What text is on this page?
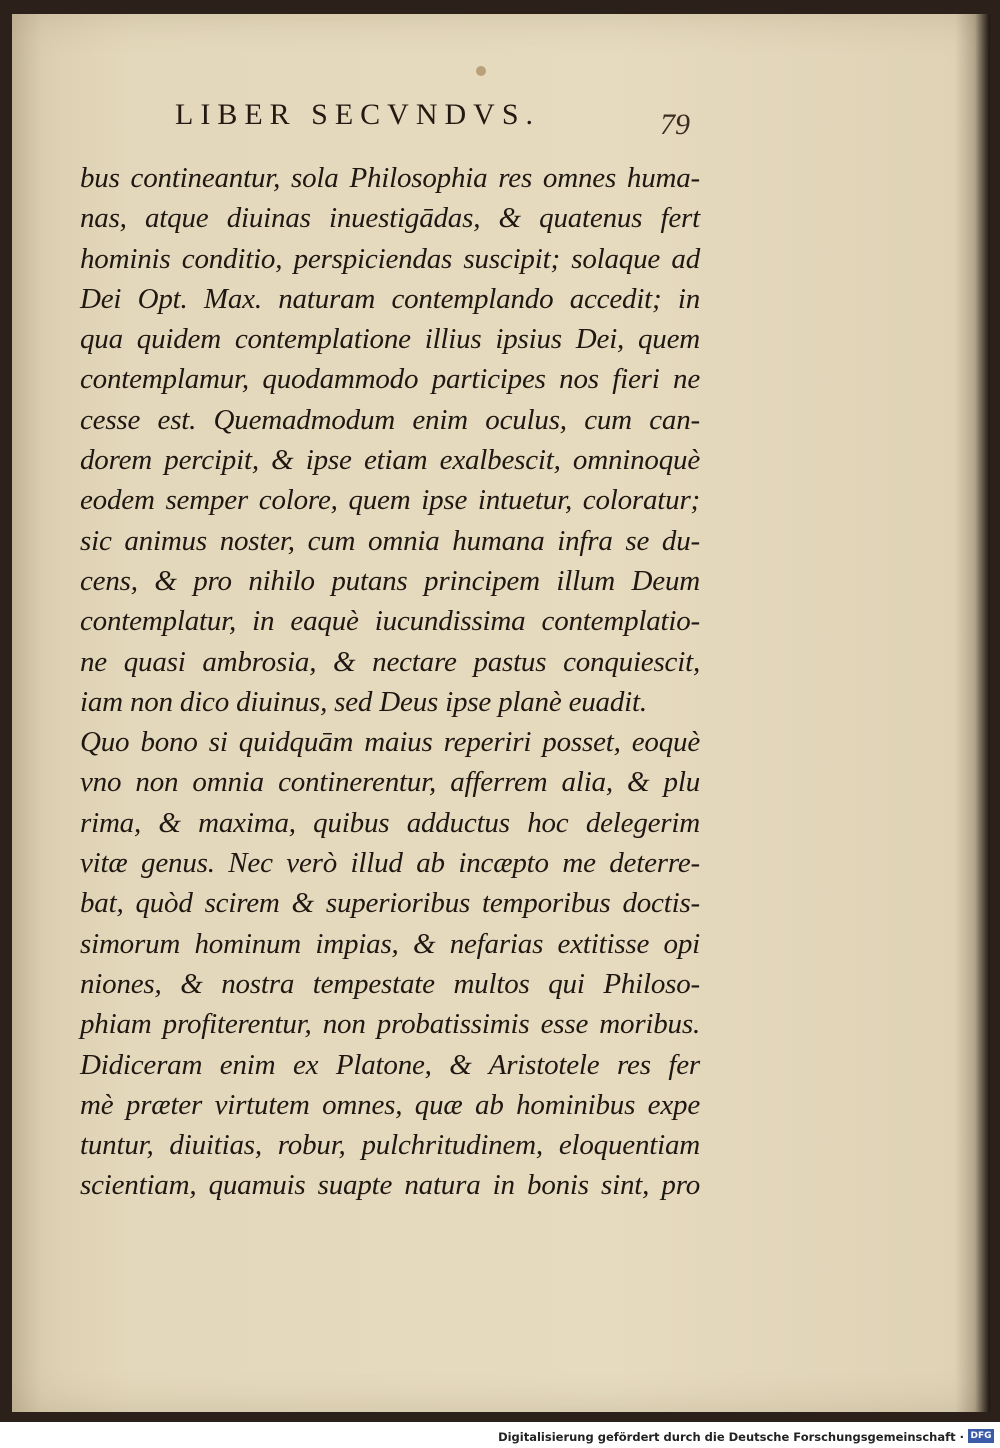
LIBER SECVNDVS.	79
bus contineantur, sola Philosophia res omnes huma-
nas, atque diuinas inuestigādas, & quatenus fert
hominis conditio, perspiciendas suscipit; solaque ad
Dei Opt. Max. naturam contemplando accedit; in
qua quidem contemplatione illius ipsius Dei, quem
contemplamur, quodammodo participes nos fieri ne
cesse est. Quemadmodum enim oculus, cum can-
dorem percipit, & ipse etiam exalbescit, omninoquè
eodem semper colore, quem ipse intuetur, coloratur;
sic animus noster, cum omnia humana infra se du-
cens, & pro nihilo putans principem illum Deum
contemplatur, in eaquè iucundissima contemplatio-
ne quasi ambrosia, & nectare pastus conquiescit,
iam non dico diuinus, sed Deus ipse planè euadit.
Quo bono si quidquām maius reperiri posset, eoquè
vno non omnia continerentur, afferrem alia, & plu
rima, & maxima, quibus adductus hoc delegerim
vitæ genus. Nec verò illud ab incæpto me deterre-
bat, quòd scirem & superioribus temporibus doctis-
simorum hominum impias, & nefarias extitisse opi
niones, & nostra tempestate multos qui Philoso-
phiam profiterentur, non probatissimis esse moribus.
Didiceram enim ex Platone, & Aristotele res fer
mè præter virtutem omnes, quæ ab hominibus expe
tuntur, diuitias, robur, pulchritudinem, eloquentiam
scientiam, quamuis suapte natura in bonis sint, pro
Digitalisierung gefördert durch die Deutsche Forschungsgemeinschaft · DFG
